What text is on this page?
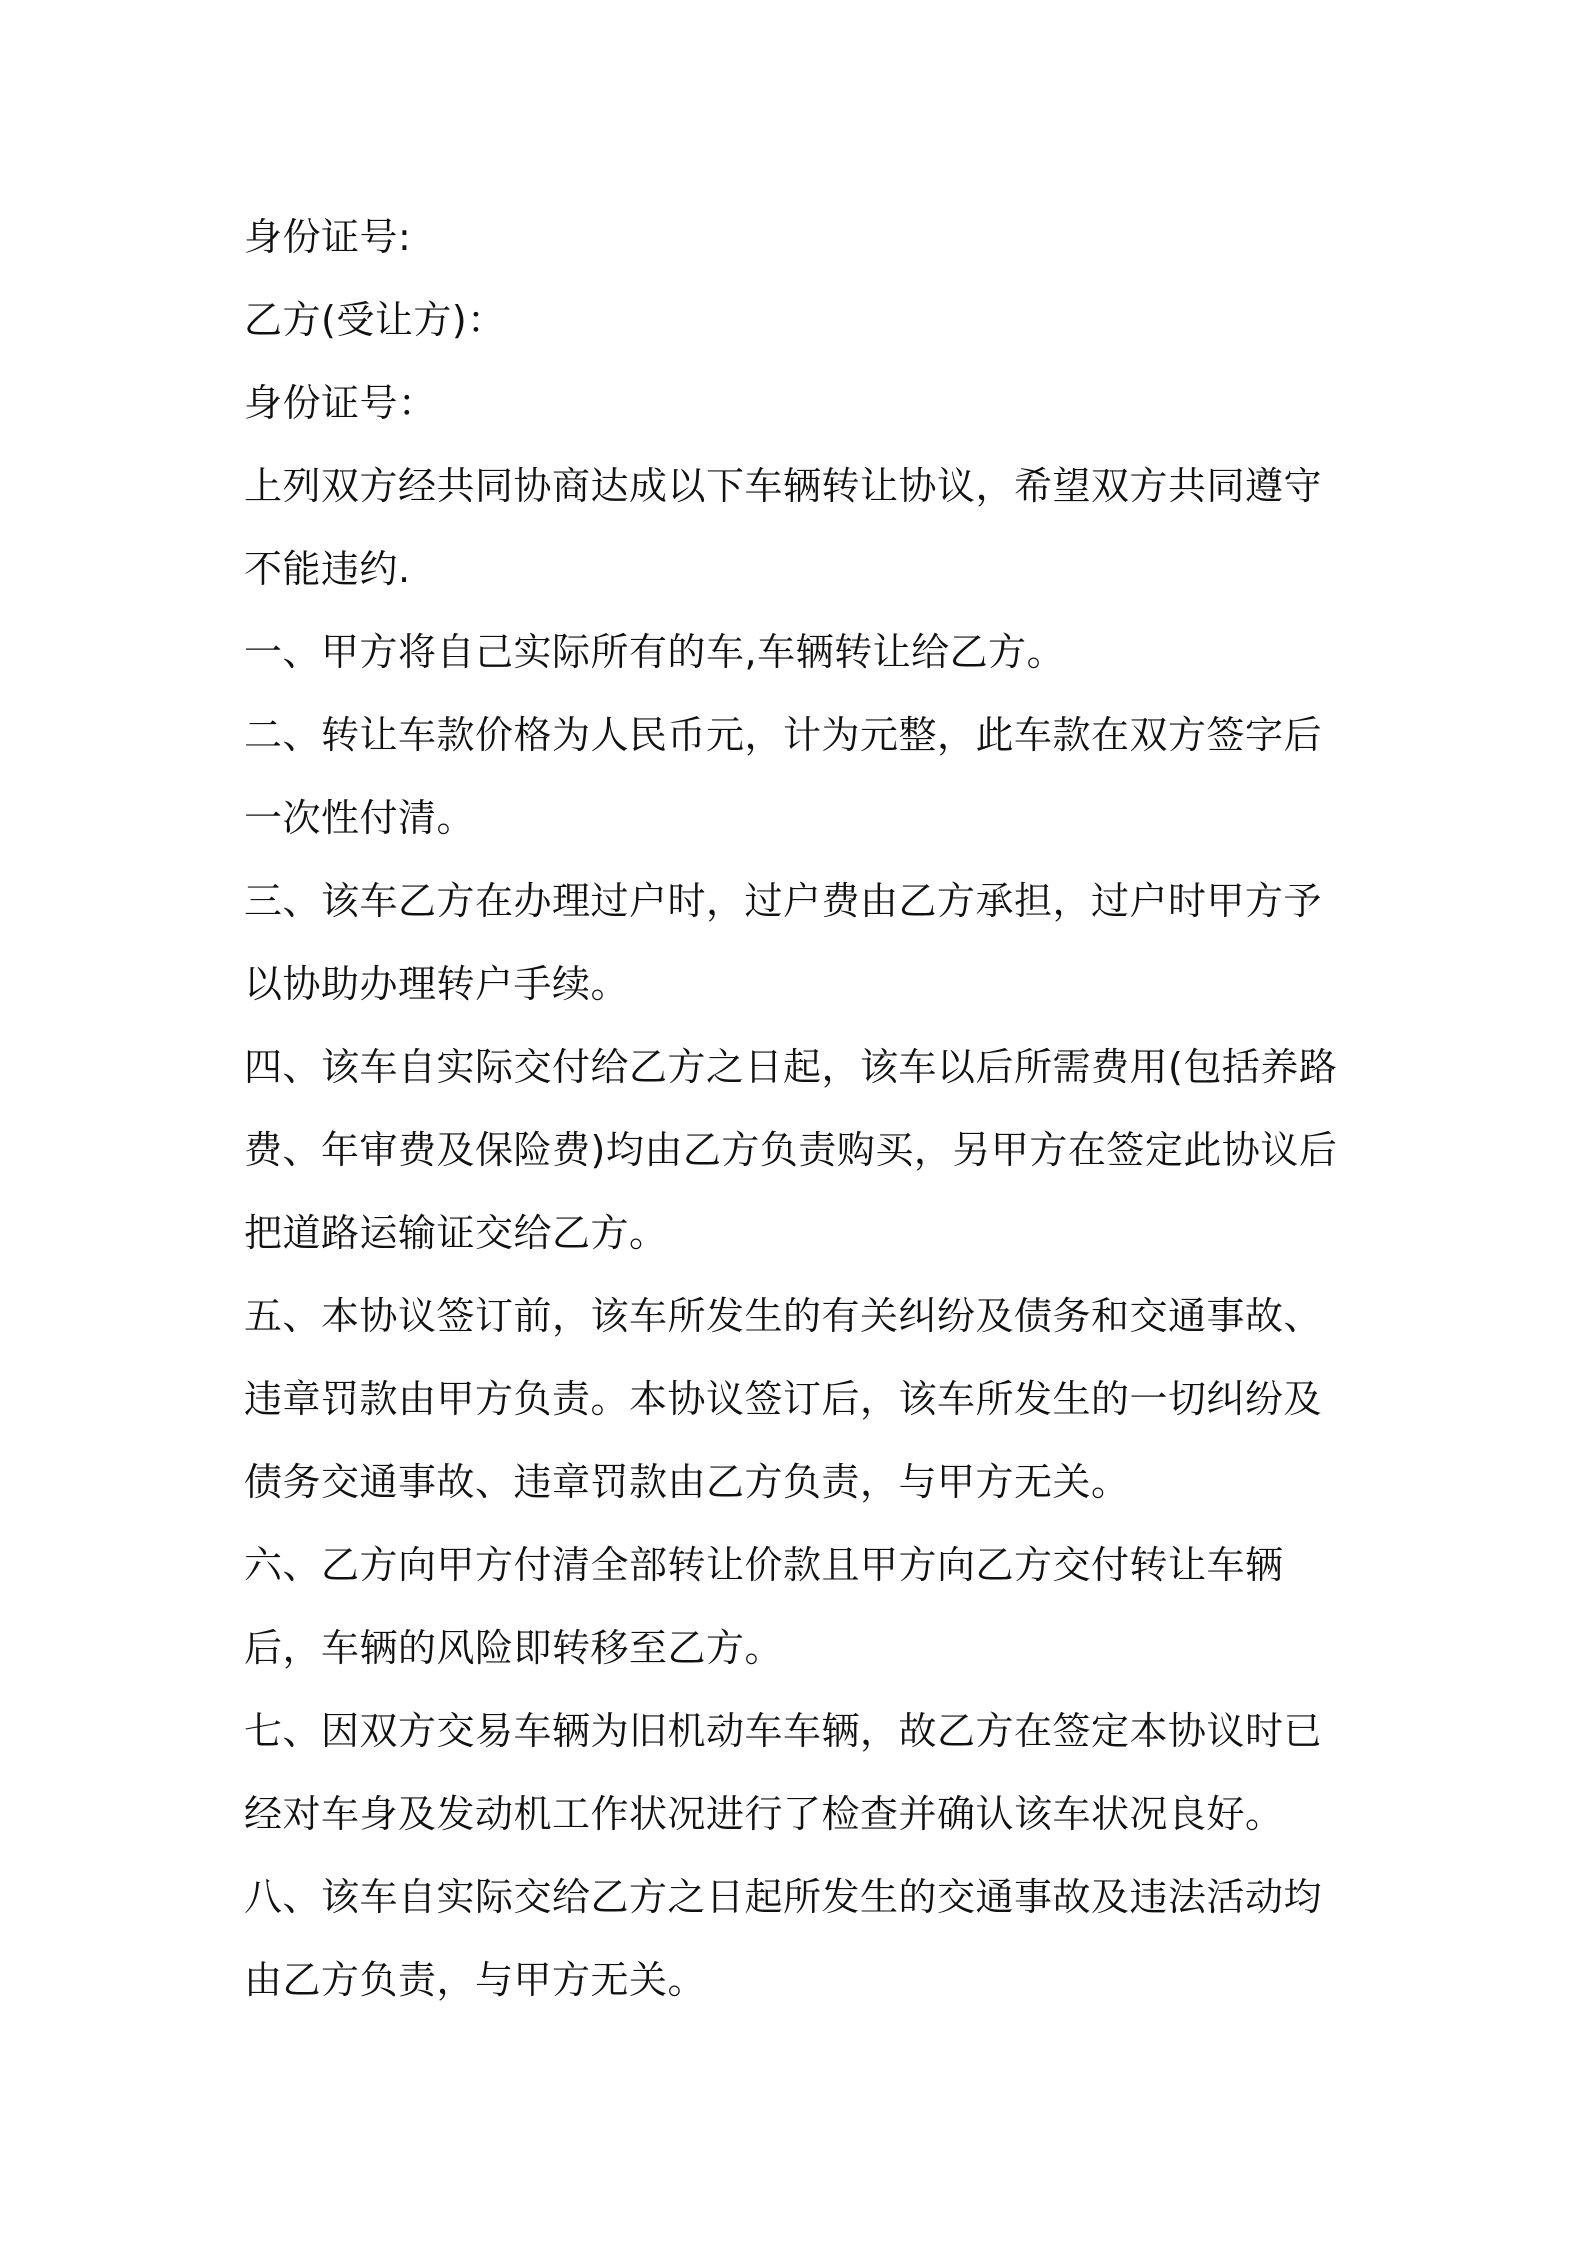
身份证号:

乙方(受让方)：

身份证号：

上列双方经共同协商达成以下车辆转让协议，希望双方共同遵守不能违约.

一、甲方将自己实际所有的车,车辆转让给乙方。

二、转让车款价格为人民币元，计为元整，此车款在双方签字后一次性付清。

三、该车乙方在办理过户时，过户费由乙方承担，过户时甲方予以协助办理转户手续。

四、该车自实际交付给乙方之日起，该车以后所需费用(包括养路费、年审费及保险费)均由乙方负责购买，另甲方在签定此协议后把道路运输证交给乙方。

五、本协议签订前，该车所发生的有关纠纷及债务和交通事故、违章罚款由甲方负责。本协议签订后，该车所发生的一切纠纷及债务交通事故、违章罚款由乙方负责，与甲方无关。

六、乙方向甲方付清全部转让价款且甲方向乙方交付转让车辆后，车辆的风险即转移至乙方。

七、因双方交易车辆为旧机动车车辆，故乙方在签定本协议时已经对车身及发动机工作状况进行了检查并确认该车状况良好。

八、该车自实际交给乙方之日起所发生的交通事故及违法活动均由乙方负责，与甲方无关。
